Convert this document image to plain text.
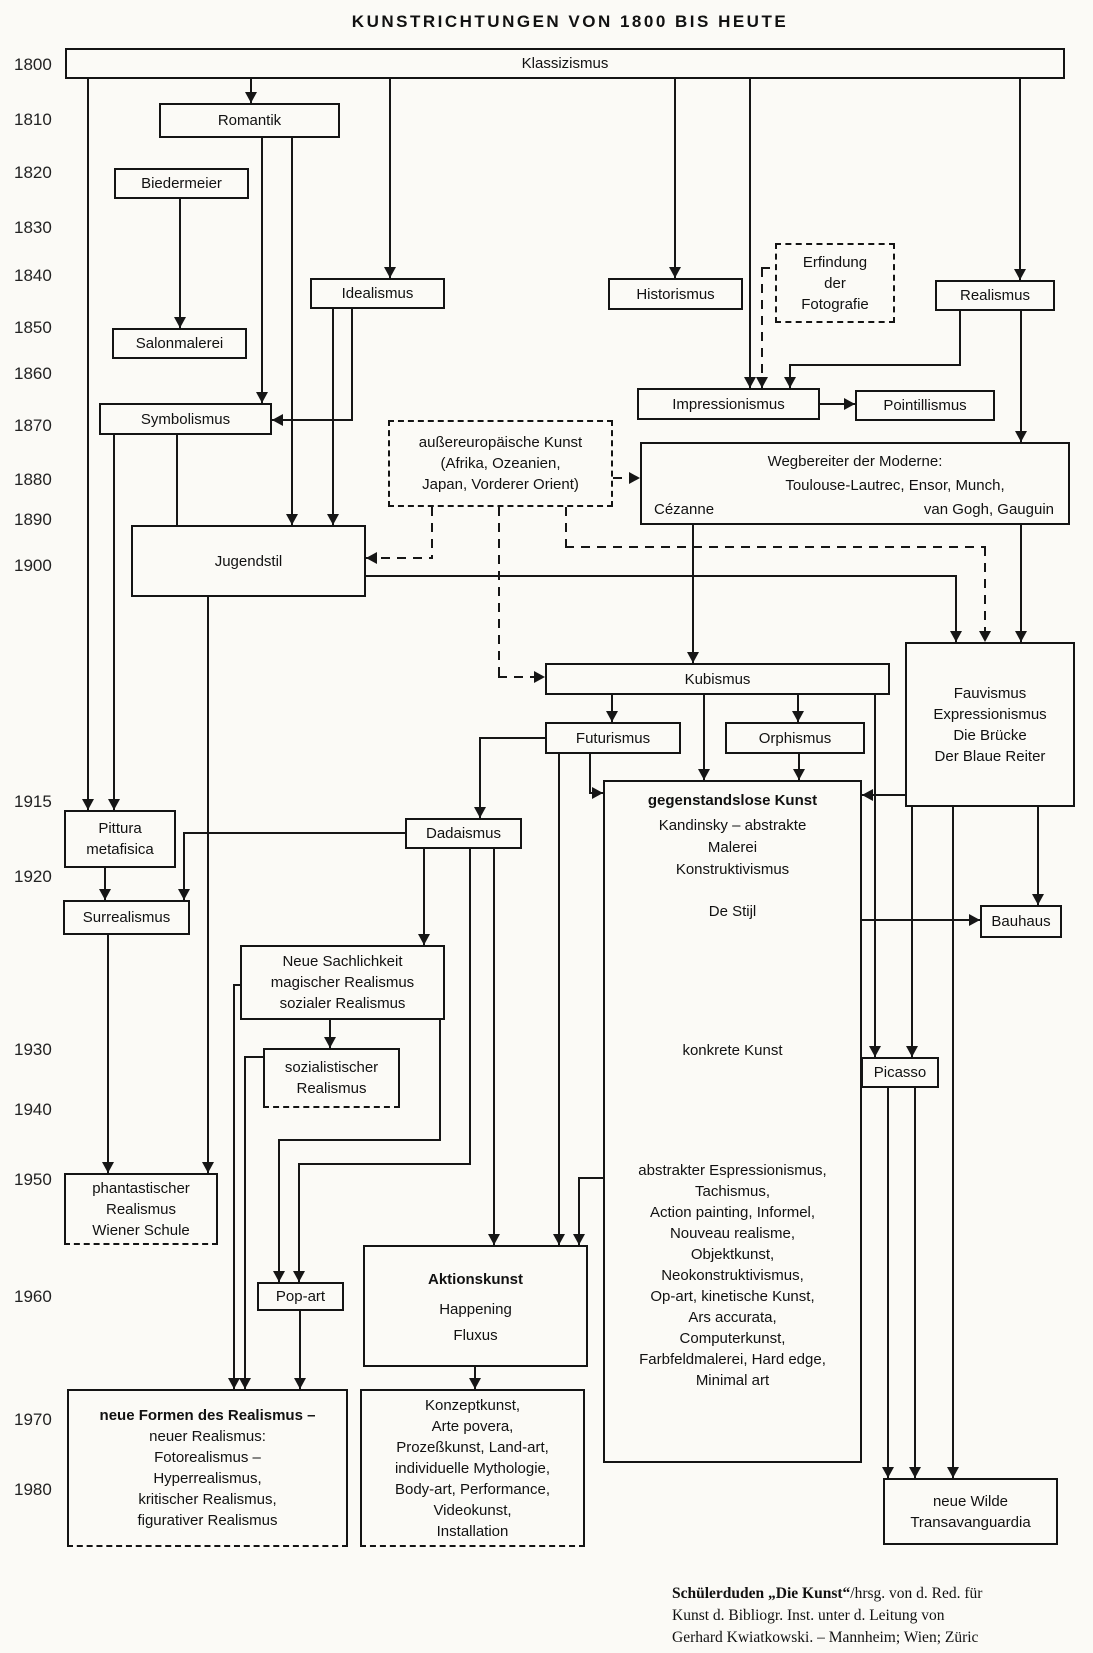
KUNSTRICHTUNGEN VON 1800 BIS HEUTE
1800
1810
1820
1830
1840
1850
1860
1870
1880
1890
1900
1915
1920
1930
1940
1950
1960
1970
1980
Klassizismus
Romantik
Biedermeier
Idealismus
Salonmalerei
Historismus
Erfindung
der
Fotografie	Realismus
Symbolismus
Impressionismus	Pointillismus
außereuropäische Kunst
(Afrika, Ozeanien,
Japan, Vorderer Orient)
Wegbereiter der Moderne:
Toulouse-Lautrec, Ensor, Munch,
Cézanne	van Gogh, Gauguin
Jugendstil
Kubismus
Futurismus	Orphismus
Fauvismus
Expressionismus
Die Brücke
Der Blaue Reiter
gegenstandslose Kunst
Kandinsky – abstrakte
Malerei
Konstruktivismus
De Stijl
konkrete Kunst
abstrakter Espressionismus,
Tachismus,
Action painting, Informel,
Nouveau realisme,
Objektkunst,
Neokonstruktivismus,
Op-art, kinetische Kunst,
Ars accurata,
Computerkunst,
Farbfeldmalerei, Hard edge,
Minimal art
Pittura
metafisica
Dadaismus
Surrealismus	Bauhaus
Neue Sachlichkeit
magischer Realismus
sozialer Realismus
sozialistischer
Realismus
Picasso
phantastischer
Realismus
Wiener Schule
Pop-art
Aktionskunst
Happening
Fluxus
neue Formen des Realismus –
neuer Realismus:
Fotorealismus –
Hyperrealismus,
kritischer Realismus,
figurativer Realismus
Konzeptkunst,
Arte povera,
Prozeßkunst, Land-art,
individuelle Mythologie,
Body-art, Performance,
Videokunst,
Installation
neue Wilde
Transavanguardia
Schülerduden „Die Kunst“/hrsg. von d. Red. für
Kunst d. Bibliogr. Inst. unter d. Leitung von
Gerhard Kwiatkowski. – Mannheim; Wien; Züric
